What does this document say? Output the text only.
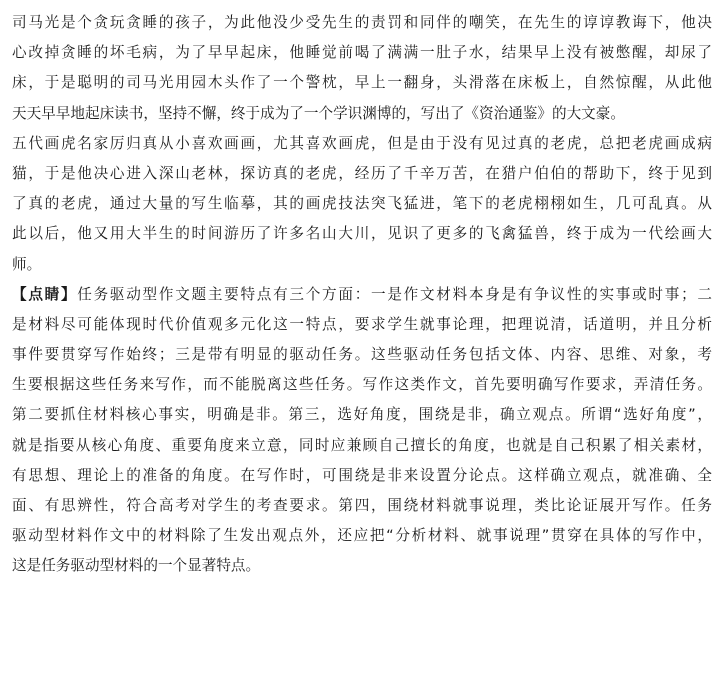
司马光是个贪玩贪睡的孩子，为此他没少受先生的责罚和同伴的嘲笑，在先生的谆谆教诲下，他决
心改掉贪睡的坏毛病，为了早早起床，他睡觉前喝了满满一肚子水，结果早上没有被憋醒，却尿了
床，于是聪明的司马光用园木头作了一个警枕，早上一翻身，头滑落在床板上，自然惊醒，从此他
天天早早地起床读书，坚持不懈，终于成为了一个学识渊博的，写出了《资治通鉴》的大文豪。
五代画虎名家厉归真从小喜欢画画，尤其喜欢画虎，但是由于没有见过真的老虎，总把老虎画成病
猫，于是他决心进入深山老林，探访真的老虎，经历了千辛万苦，在猎户伯伯的帮助下，终于见到
了真的老虎，通过大量的写生临摹，其的画虎技法突飞猛进，笔下的老虎栩栩如生，几可乱真。从
此以后，他又用大半生的时间游历了许多名山大川，见识了更多的飞禽猛兽，终于成为一代绘画大
师。
【点睛】任务驱动型作文题主要特点有三个方面：一是作文材料本身是有争议性的实事或时事；二
是材料尽可能体现时代价值观多元化这一特点，要求学生就事论理，把理说清，话道明，并且分析
事件要贯穿写作始终；三是带有明显的驱动任务。这些驱动任务包括文体、内容、思维、对象，考
生要根据这些任务来写作，而不能脱离这些任务。写作这类作文，首先要明确写作要求，弄清任务。
第二要抓住材料核心事实，明确是非。第三，选好角度，围绕是非，确立观点。所谓“选好角度”，
就是指要从核心角度、重要角度来立意，同时应兼顾自己擅长的角度，也就是自己积累了相关素材，
有思想、理论上的准备的角度。在写作时，可围绕是非来设置分论点。这样确立观点，就准确、全
面、有思辨性，符合高考对学生的考查要求。第四，围绕材料就事说理，类比论证展开写作。任务
驱动型材料作文中的材料除了生发出观点外，还应把“分析材料、就事说理”贯穿在具体的写作中，
这是任务驱动型材料的一个显著特点。
